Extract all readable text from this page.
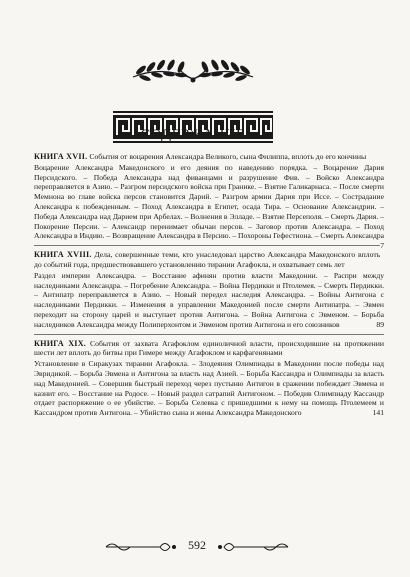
СОДЕРЖАНИЕ

КНИГА XVII. События от воцарения Александра Великого, сына Филиппа, вплоть до его кончины

Воцарение Александра Македонского и его деяния по наведению порядка. – Воцарение Дария Персидского. – Победа Александра над фиванцами и разрушение Фив. – Войско Александра переправляется в Азию. – Разгром персидского войска при Гранике. – Взятие Галикарнаса. – После смерти Мемнона во главе войска персов становится Дарий. – Разгром армии Дария при Иссе. – Сострадание Александра к побежденным. – Поход Александра в Египет, осада Тира. – Основание Александрии. – Победа Александра над Дарием при Арбелах. – Волнения в Элладе. – Взятие Персеполя. – Смерть Дария. – Покорение Персии. – Александр перенимает обычаи персов. – Заговор против Александра. – Поход Александра в Индию. – Возвращение Александра в Персию. – Похороны Гефестиона. – Смерть Александра
7

КНИГА XVIII. Дела, совершенные теми, кто унаследовал царство Александра Македонского вплоть до событий года, предшествовавшего установлению тирании Агафокла, и охватывает семь лет

Раздел империи Александра. – Восстание афинян против власти Македонии. – Распри между наследниками Александра. – Погребение Александра. – Война Пердикки и Птолемея. – Смерть Пердикки. – Антипатр переправляется в Азию. – Новый передел наследия Александра. – Войны Антигона с наследниками Пердикки. – Изменения в управлении Македонией после смерти Антипатра. – Эвмен переходит на сторону царей и выступает против Антигона. – Война Антигона с Эвменом. – Борьба наследников Александра между Полиперхонтом и Эвменом против Антигона и его союзников	89

КНИГА XIX. События от захвата Агафоклом единоличной власти, происходившие на протяжении шести лет вплоть до битвы при Гимере между Агафоклом и карфагенянами

Установление в Сиракузах тирании Агафокла. – Злодеяния Олимпиады в Македонии после победы над Эвридикой. – Борьба Эвмена и Антигона за власть над Азией. – Борьба Кассандра и Олимпиады за власть над Македонией. – Совершив быстрый переход через пустыню Антигон в сражении побеждает Эвмена и казнит его. – Восстание на Родосе. – Новый раздел сатрапий Антигоном. – Победив Олимпиаду Кассандр отдает распоряжение о ее убийстве. – Борьба Селевка с пришедшими к нему на помощь Птолемеем и Кассандром против Антигона. – Убийство сына и жены Александра Македонского	141

592
